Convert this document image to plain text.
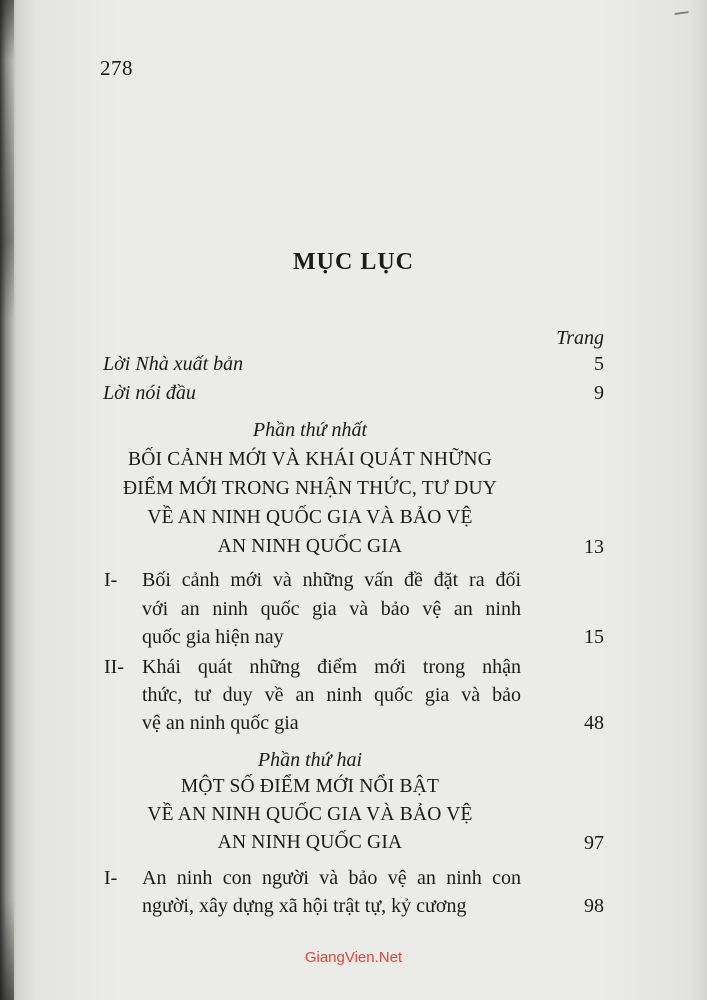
278
MỤC LỤC
Trang
Lời Nhà xuất bản	5
Lời nói đầu	9
Phần thứ nhất
BỐI CẢNH MỚI VÀ KHÁI QUÁT NHỮNG
ĐIỂM MỚI TRONG NHẬN THỨC, TƯ DUY
VỀ AN NINH QUỐC GIA VÀ BẢO VỆ
AN NINH QUỐC GIA	13
I- Bối cảnh mới và những vấn đề đặt ra đối
với an ninh quốc gia và bảo vệ an ninh
quốc gia hiện nay	15
II- Khái quát những điểm mới trong nhận
thức, tư duy về an ninh quốc gia và bảo
vệ an ninh quốc gia	48
Phần thứ hai
MỘT SỐ ĐIỂM MỚI NỔI BẬT
VỀ AN NINH QUỐC GIA VÀ BẢO VỆ
AN NINH QUỐC GIA	97
I- An ninh con người và bảo vệ an ninh con
người, xây dựng xã hội trật tự, kỷ cương	98
GiangVien.Net
